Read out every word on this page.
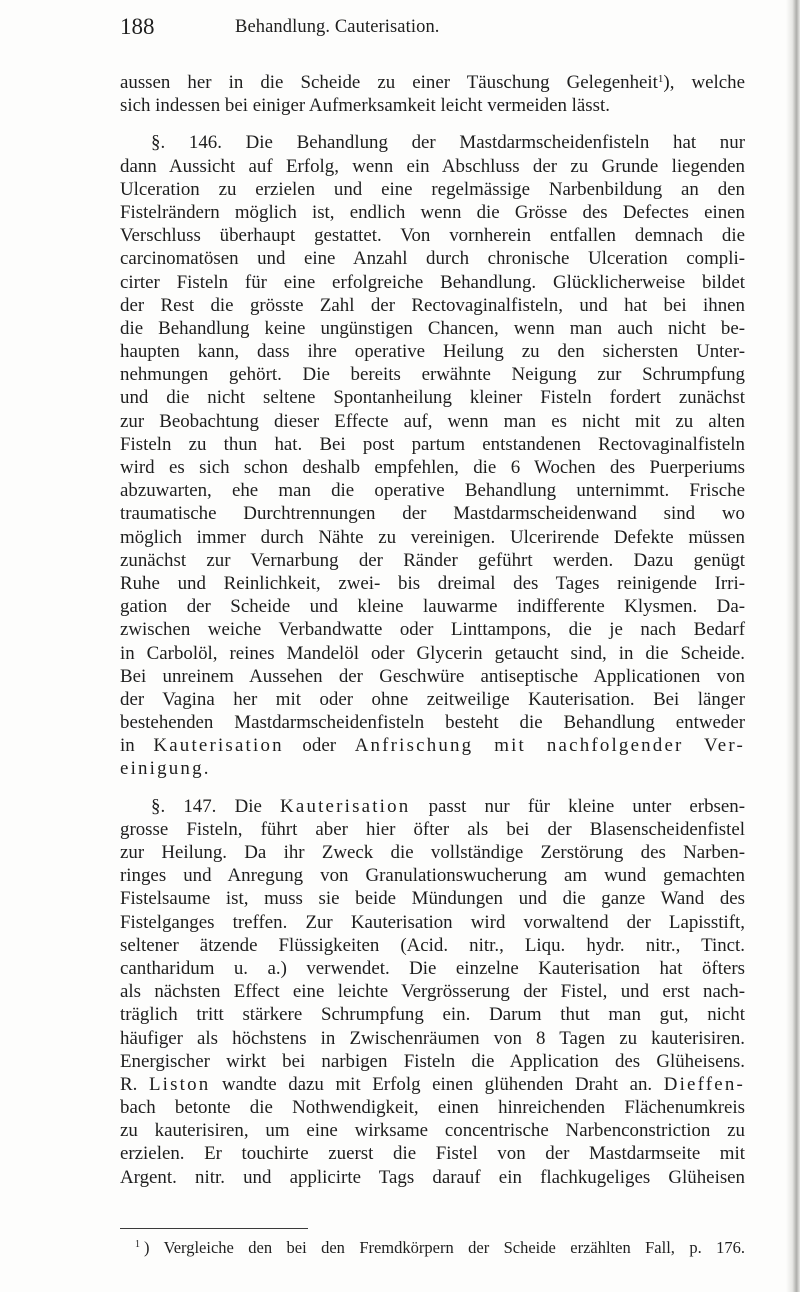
188	Behandlung. Cauterisation.
aussen her in die Scheide zu einer Täuschung Gelegenheit$^1$), welche
sich indessen bei einiger Aufmerksamkeit leicht vermeiden lässt.
§. 146. Die Behandlung der Mastdarmscheidenfisteln hat nur
dann Aussicht auf Erfolg, wenn ein Abschluss der zu Grunde liegenden
Ulceration zu erzielen und eine regelmässige Narbenbildung an den
Fistelrändern möglich ist, endlich wenn die Grösse des Defectes einen
Verschluss überhaupt gestattet. Von vornherein entfallen demnach die
carcinomatösen und eine Anzahl durch chronische Ulceration compli-
cirter Fisteln für eine erfolgreiche Behandlung. Glücklicherweise bildet
der Rest die grösste Zahl der Rectovaginalfisteln, und hat bei ihnen
die Behandlung keine ungünstigen Chancen, wenn man auch nicht be-
haupten kann, dass ihre operative Heilung zu den sichersten Unter-
nehmungen gehört. Die bereits erwähnte Neigung zur Schrumpfung
und die nicht seltene Spontanheilung kleiner Fisteln fordert zunächst
zur Beobachtung dieser Effecte auf, wenn man es nicht mit zu alten
Fisteln zu thun hat. Bei post partum entstandenen Rectovaginalfisteln
wird es sich schon deshalb empfehlen, die 6 Wochen des Puerperiums
abzuwarten, ehe man die operative Behandlung unternimmt. Frische
traumatische Durchtrennungen der Mastdarmscheidenwand sind wo
möglich immer durch Nähte zu vereinigen. Ulcerirende Defekte müssen
zunächst zur Vernarbung der Ränder geführt werden. Dazu genügt
Ruhe und Reinlichkeit, zwei- bis dreimal des Tages reinigende Irri-
gation der Scheide und kleine lauwarme indifferente Klysmen. Da-
zwischen weiche Verbandwatte oder Linttampons, die je nach Bedarf
in Carbolöl, reines Mandelöl oder Glycerin getaucht sind, in die Scheide.
Bei unreinem Aussehen der Geschwüre antiseptische Applicationen von
der Vagina her mit oder ohne zeitweilige Kauterisation. Bei länger
bestehenden Mastdarmscheidenfisteln besteht die Behandlung entweder
in Kauterisation oder Anfrischung mit nachfolgender Ver-
einigung.
§. 147. Die Kauterisation passt nur für kleine unter erbsen-
grosse Fisteln, führt aber hier öfter als bei der Blasenscheidenfistel
zur Heilung. Da ihr Zweck die vollständige Zerstörung des Narben-
ringes und Anregung von Granulationswucherung am wund gemachten
Fistelsaume ist, muss sie beide Mündungen und die ganze Wand des
Fistelganges treffen. Zur Kauterisation wird vorwaltend der Lapisstift,
seltener ätzende Flüssigkeiten (Acid. nitr., Liqu. hydr. nitr., Tinct.
cantharidum u. a.) verwendet. Die einzelne Kauterisation hat öfters
als nächsten Effect eine leichte Vergrösserung der Fistel, und erst nach-
träglich tritt stärkere Schrumpfung ein. Darum thut man gut, nicht
häufiger als höchstens in Zwischenräumen von 8 Tagen zu kauterisiren.
Energischer wirkt bei narbigen Fisteln die Application des Glüheisens.
R. Liston wandte dazu mit Erfolg einen glühenden Draht an. Dieffen-
bach betonte die Nothwendigkeit, einen hinreichenden Flächenumkreis
zu kauterisiren, um eine wirksame concentrische Narbenconstriction zu
erzielen. Er touchirte zuerst die Fistel von der Mastdarmseite mit
Argent. nitr. und applicirte Tags darauf ein flachkugeliges Glüheisen
$^1$ ) Vergleiche den bei den Fremdkörpern der Scheide erzählten Fall, p. 176.
